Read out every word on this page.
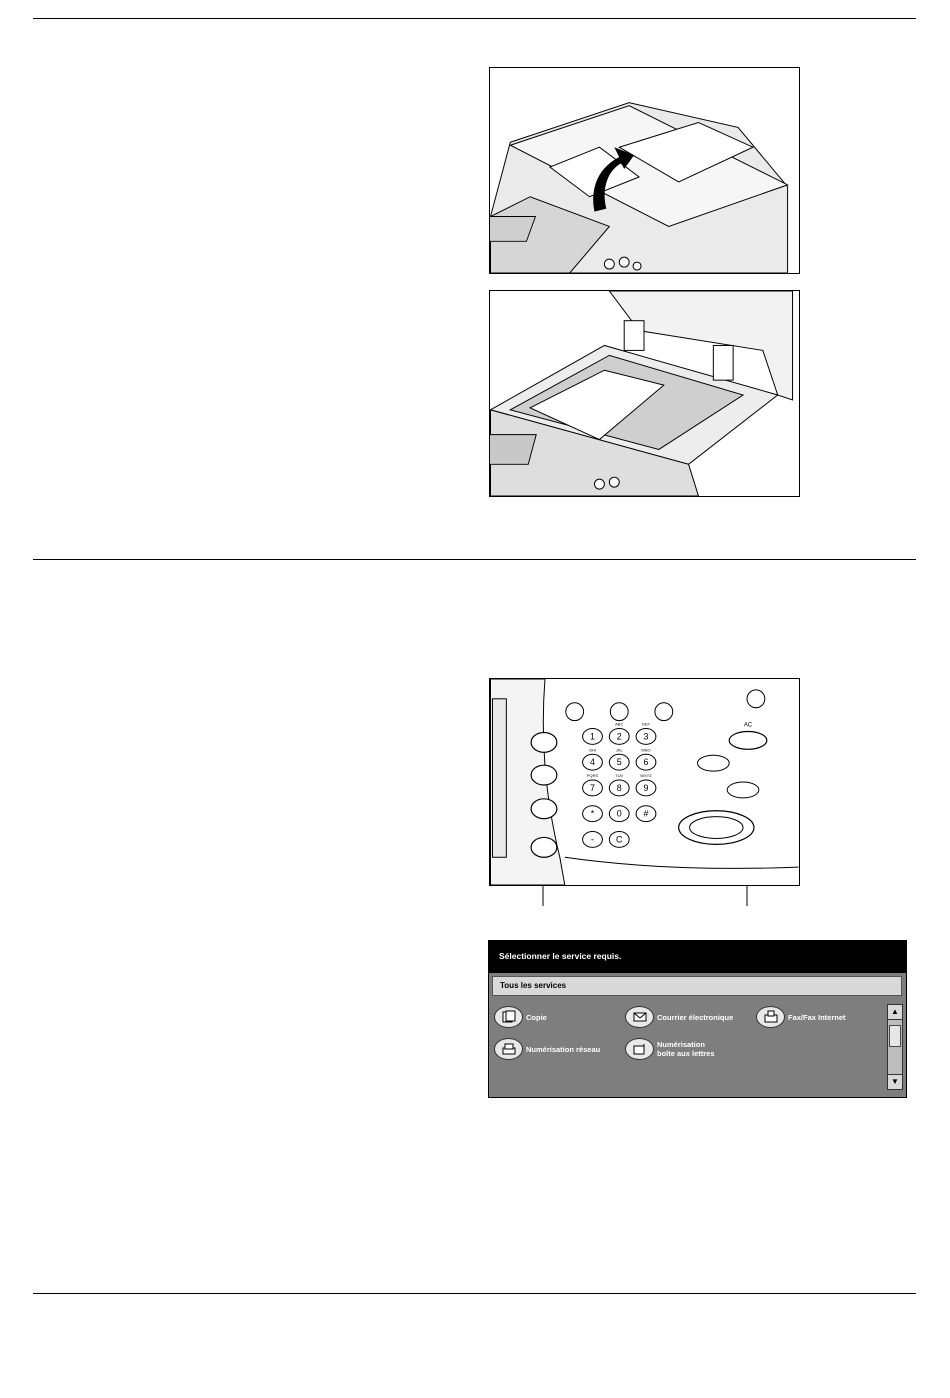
1 2 3
4 5 6
7 8 9
*	0 #
- C
ABC	DEF
GHI	JKL	MNO
PQRS	TUV	WXYZ
AC
Sélectionner le service requis.
Tous les services
Copie	Courrier électronique	Fax/Fax Internet
Numérisation réseau	Numérisation
boîte aux lettres
▲
▼
